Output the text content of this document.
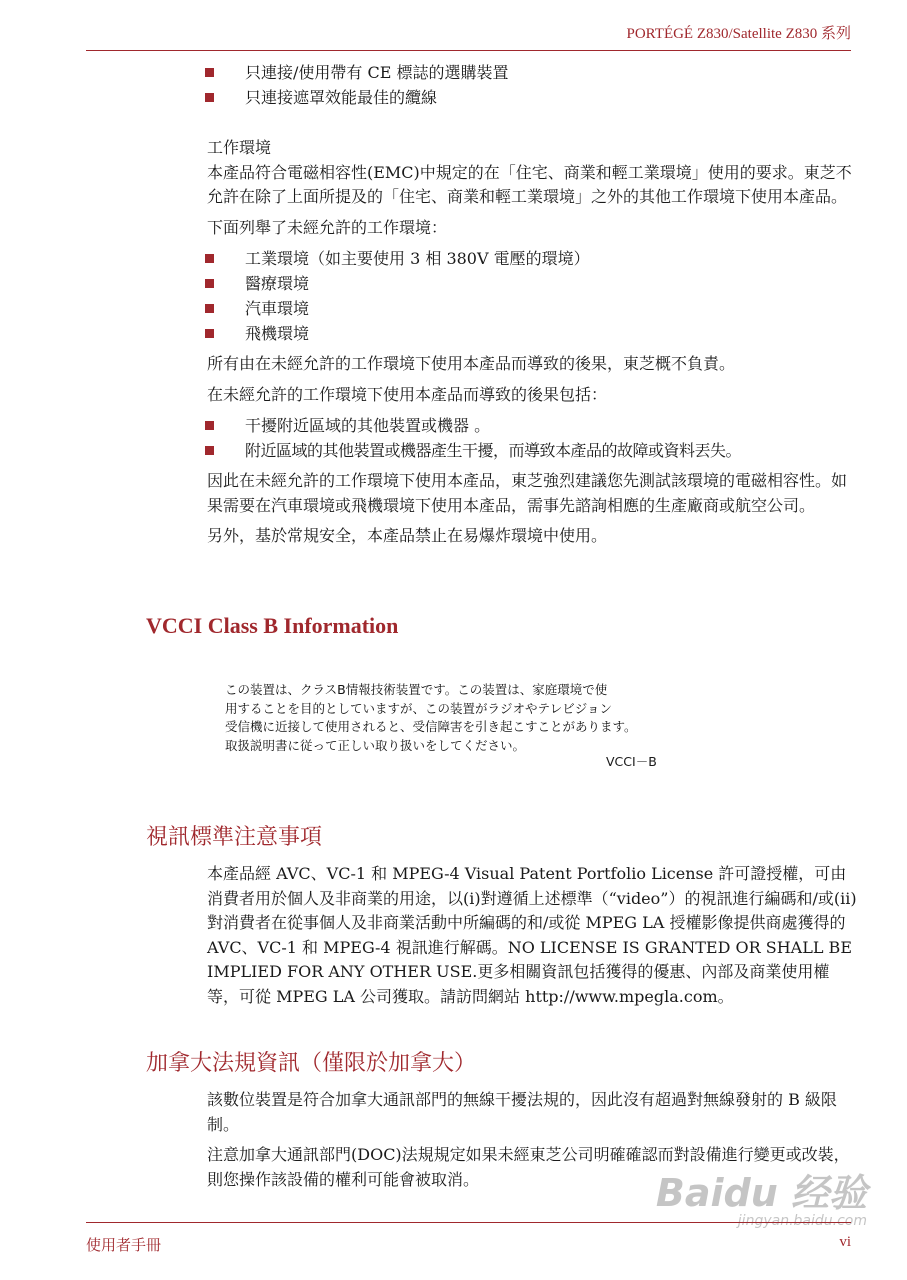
PORTÉGÉ Z830/Satellite Z830 系列
只連接/使用帶有 CE 標誌的選購裝置
只連接遮罩效能最佳的纜線

工作環境

本產品符合電磁相容性(EMC)中規定的在「住宅、商業和輕工業環境」使用的要求。東芝不允許在除了上面所提及的「住宅、商業和輕工業環境」之外的其他工作環境下使用本產品。

下面列舉了未經允許的工作環境：

工業環境（如主要使用 3 相 380V 電壓的環境）
醫療環境
汽車環境
飛機環境

所有由在未經允許的工作環境下使用本產品而導致的後果，東芝概不負責。

在未經允許的工作環境下使用本產品而導致的後果包括：

干擾附近區域的其他裝置或機器 。
附近區域的其他裝置或機器產生干擾，而導致本產品的故障或資料丟失。

因此在未經允許的工作環境下使用本產品，東芝強烈建議您先測試該環境的電磁相容性。如果需要在汽車環境或飛機環境下使用本產品，需事先諮詢相應的生產廠商或航空公司。

另外，基於常規安全，本產品禁止在易爆炸環境中使用。

VCCI Class B Information
この装置は、クラスB情報技術装置です。この装置は、家庭環境で使
用することを目的としていますが、この装置がラジオやテレビジョン
受信機に近接して使用されると、受信障害を引き起こすことがあります。
取扱説明書に従って正しい取り扱いをしてください。
VCCI－B
視訊標準注意事項

本產品經 AVC、VC-1 和 MPEG-4 Visual Patent Portfolio License 許可證授權，可由消費者用於個人及非商業的用途，以(i)對遵循上述標準（“video”）的視訊進行編碼和/或(ii)對消費者在從事個人及非商業活動中所編碼的和/或從 MPEG LA 授權影像提供商處獲得的 AVC、VC-1 和 MPEG-4 視訊進行解碼。NO LICENSE IS GRANTED OR SHALL BE IMPLIED FOR ANY OTHER USE.更多相關資訊包括獲得的優惠、內部及商業使用權等，可從 MPEG LA 公司獲取。請訪問網站 http://www.mpegla.com。

加拿大法規資訊（僅限於加拿大）

該數位裝置是符合加拿大通訊部門的無線干擾法規的，因此沒有超過對無線發射的 B 級限制。

注意加拿大通訊部門(DOC)法規規定如果未經東芝公司明確確認而對設備進行變更或改裝，則您操作該設備的權利可能會被取消。	Baidu 经验
jingyan.baidu.com
使用者手冊	vi
